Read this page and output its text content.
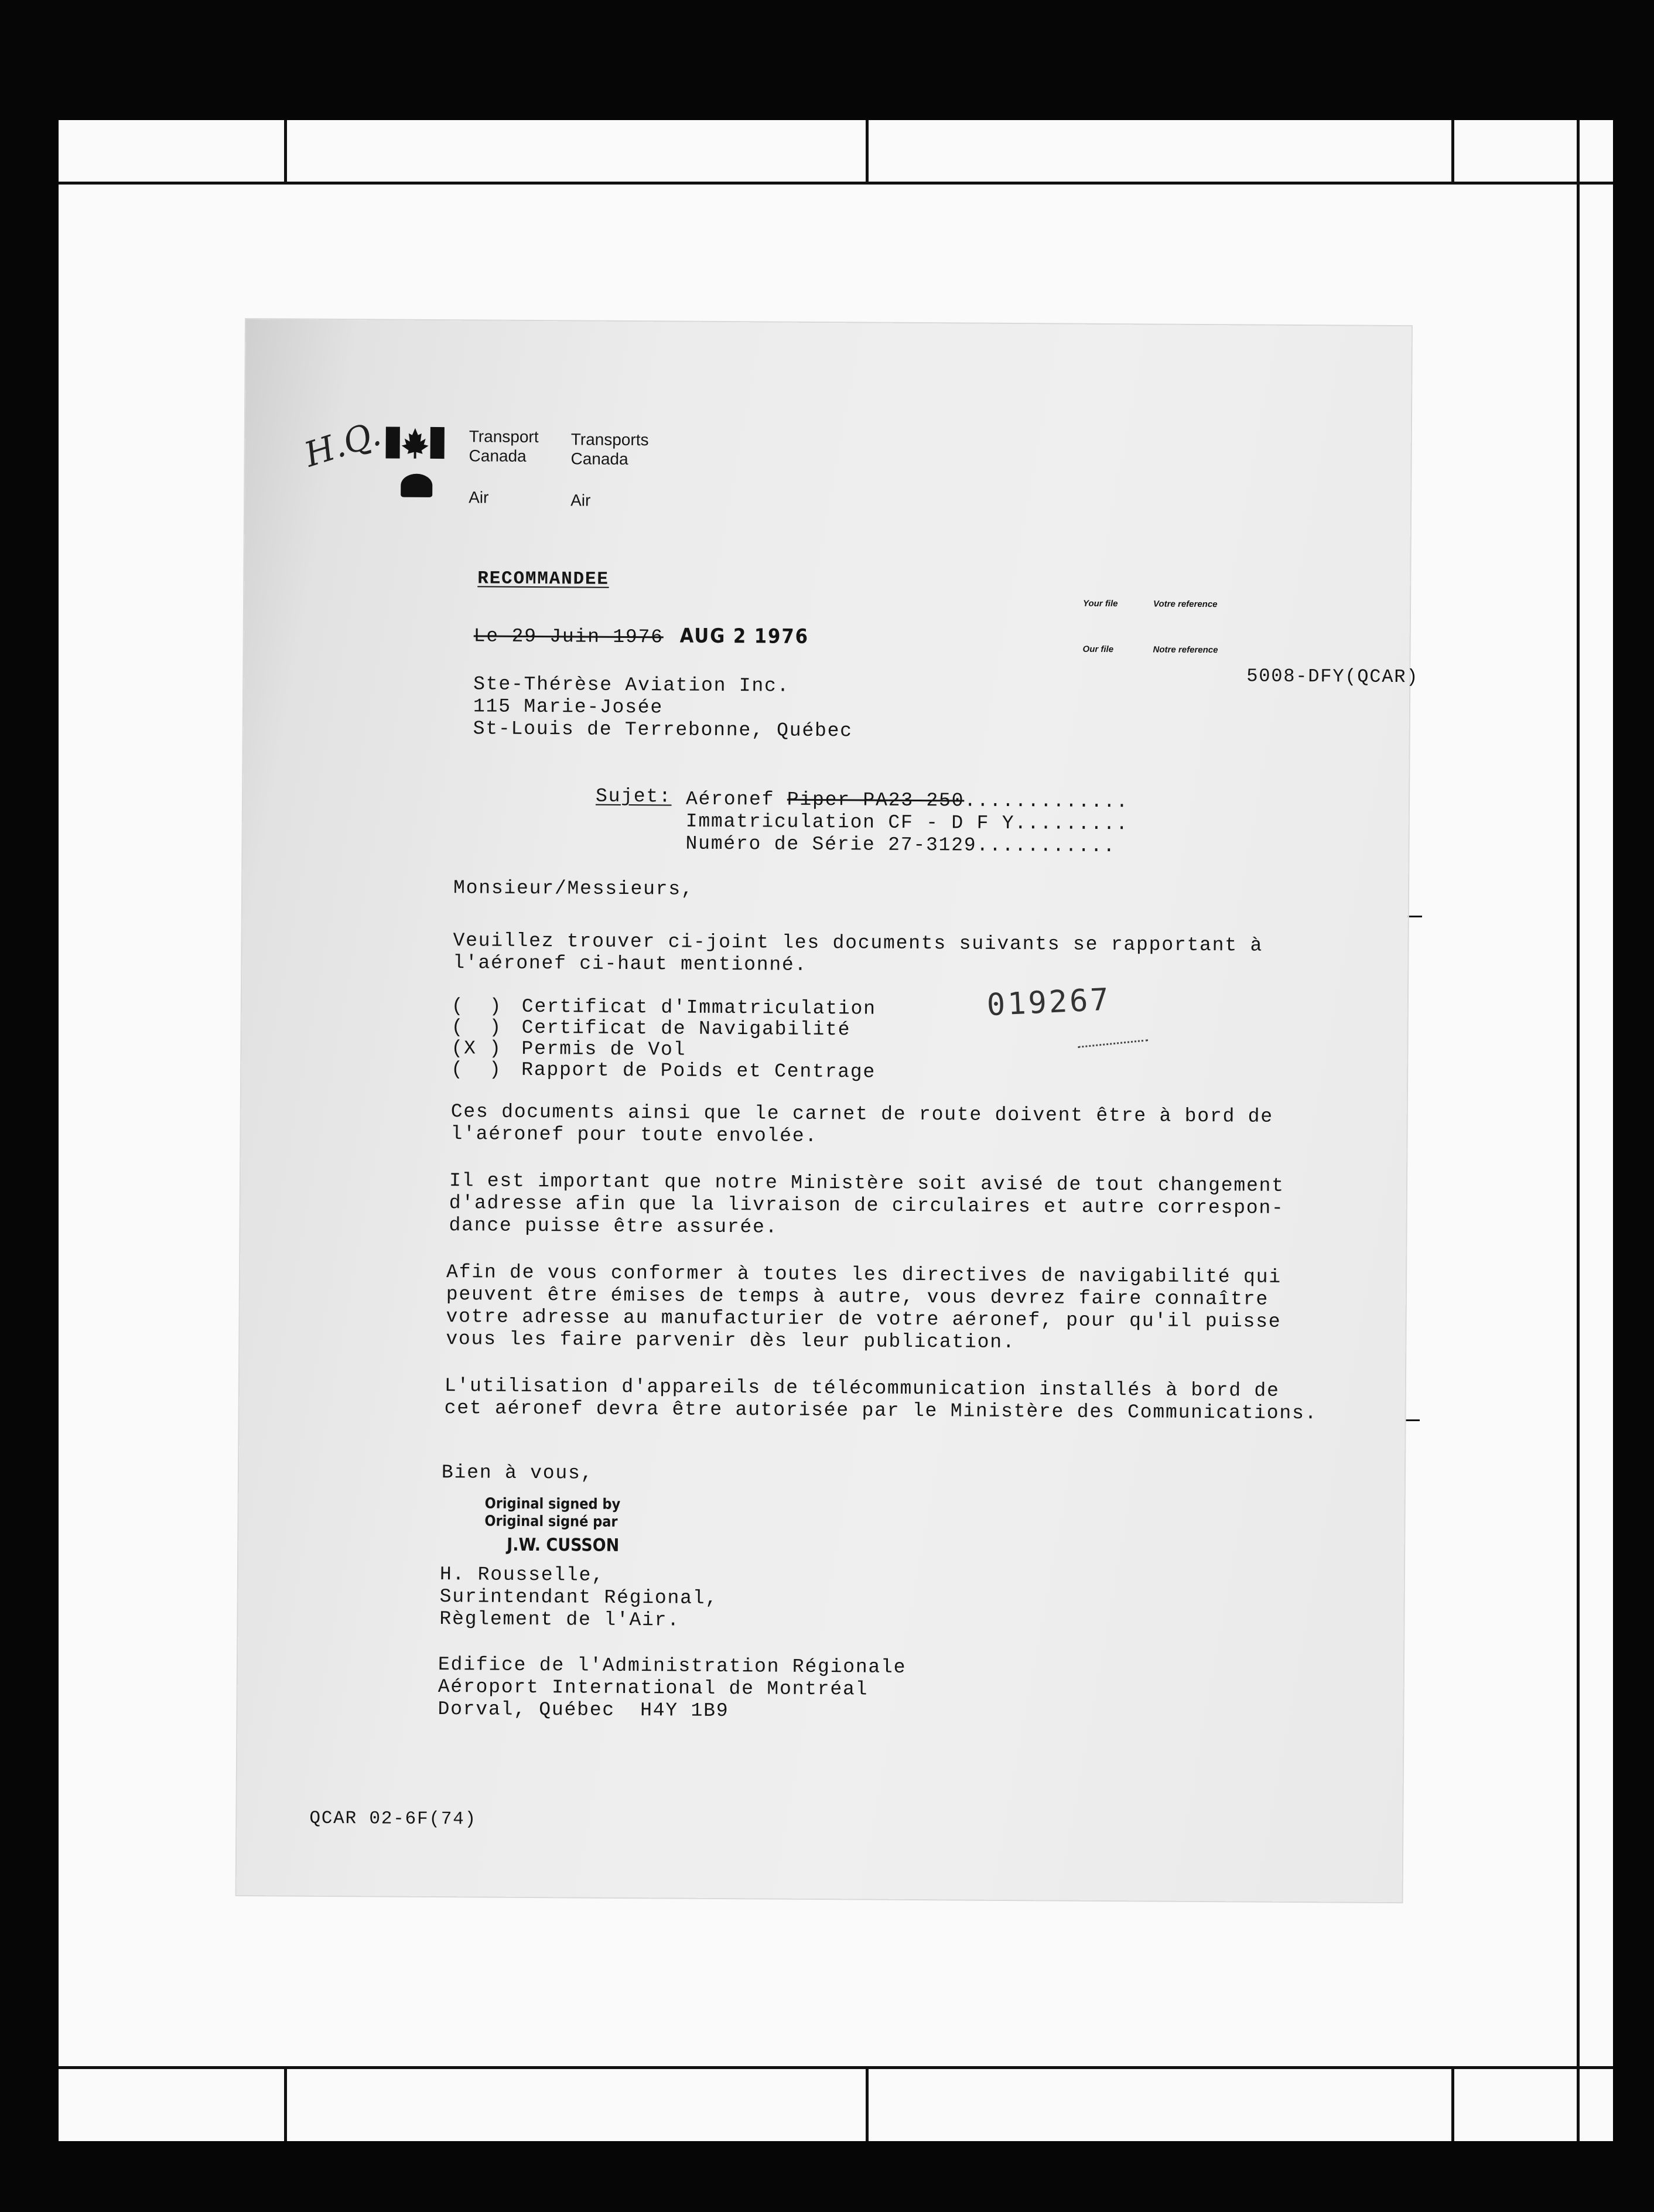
H.Q.	Transport
Canada
Air
Transports
Canada
Air
RECOMMANDEE
Le 29 Juin 1976 AUG 2 1976
Your file	Votre reference
Our file	Notre reference
5008-DFY(QCAR)
Ste-Thérèse Aviation Inc.
115 Marie-Josée
St-Louis de Terrebonne, Québec
Sujet: Aéronef Piper PA23-250.............
Immatriculation CF - D F Y.........
Numéro de Série 27-3129...........
Monsieur/Messieurs,
Veuillez trouver ci-joint les documents suivants se rapportant à
l'aéronef ci-haut mentionné.
(  ) Certificat d'Immatriculation
(  ) Certificat de Navigabilité
(X ) Permis de Vol
(  ) Rapport de Poids et Centrage
019267
Ces documents ainsi que le carnet de route doivent être à bord de
l'aéronef pour toute envolée.
Il est important que notre Ministère soit avisé de tout changement
d'adresse afin que la livraison de circulaires et autre correspon-
dance puisse être assurée.
Afin de vous conformer à toutes les directives de navigabilité qui
peuvent être émises de temps à autre, vous devrez faire connaître
votre adresse au manufacturier de votre aéronef, pour qu'il puisse
vous les faire parvenir dès leur publication.
L'utilisation d'appareils de télécommunication installés à bord de
cet aéronef devra être autorisée par le Ministère des Communications.
Bien à vous,
Original signed by
Original signé par
J.W. CUSSON
H. Rousselle,
Surintendant Régional,
Règlement de l'Air.
Edifice de l'Administration Régionale
Aéroport International de Montréal
Dorval, Québec  H4Y 1B9
QCAR 02-6F(74)
